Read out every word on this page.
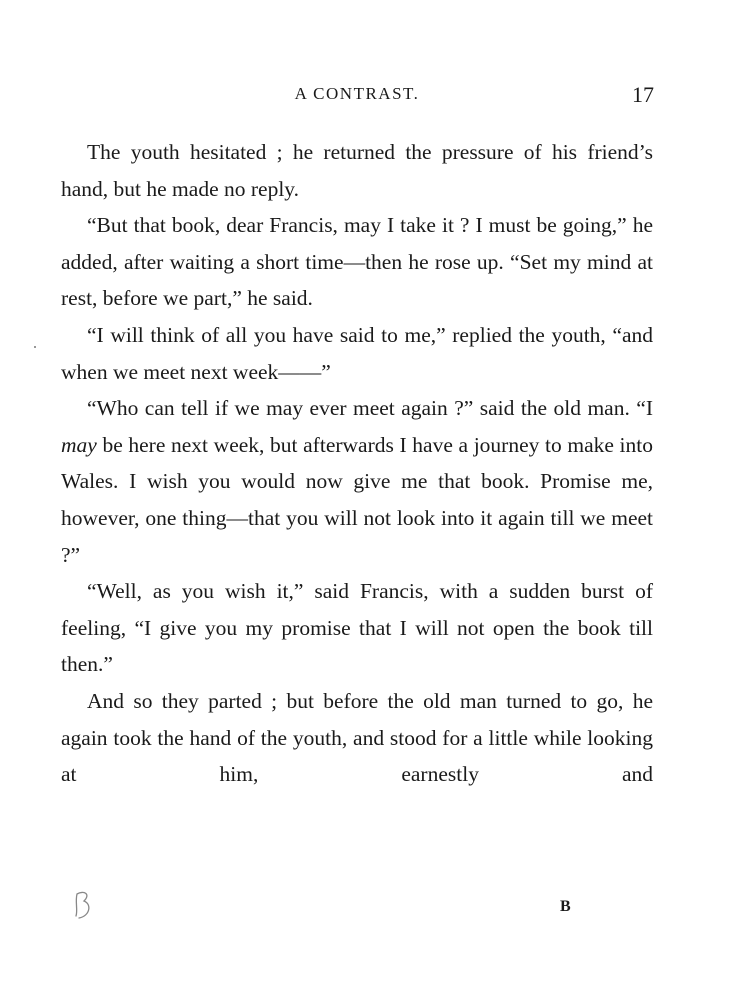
A CONTRAST.	17

The youth hesitated ; he returned the pressure of his friend’s hand, but he made no reply.

“But that book, dear Francis, may I take it ? I must be going,” he added, after waiting a short time—then he rose up. “Set my mind at rest, before we part,” he said.

“I will think of all you have said to me,” replied the youth, “and when we meet next week——”

“Who can tell if we may ever meet again ?” said the old man. “I may be here next week, but afterwards I have a journey to make into Wales. I wish you would now give me that book. Promise me, however, one thing—that you will not look into it again till we meet ?”

“Well, as you wish it,” said Francis, with a sudden burst of feeling, “I give you my promise that I will not open the book till then.”

And so they parted ; but before the old man turned to go, he again took the hand of the youth, and stood for a little while looking at him, earnestly and

B
